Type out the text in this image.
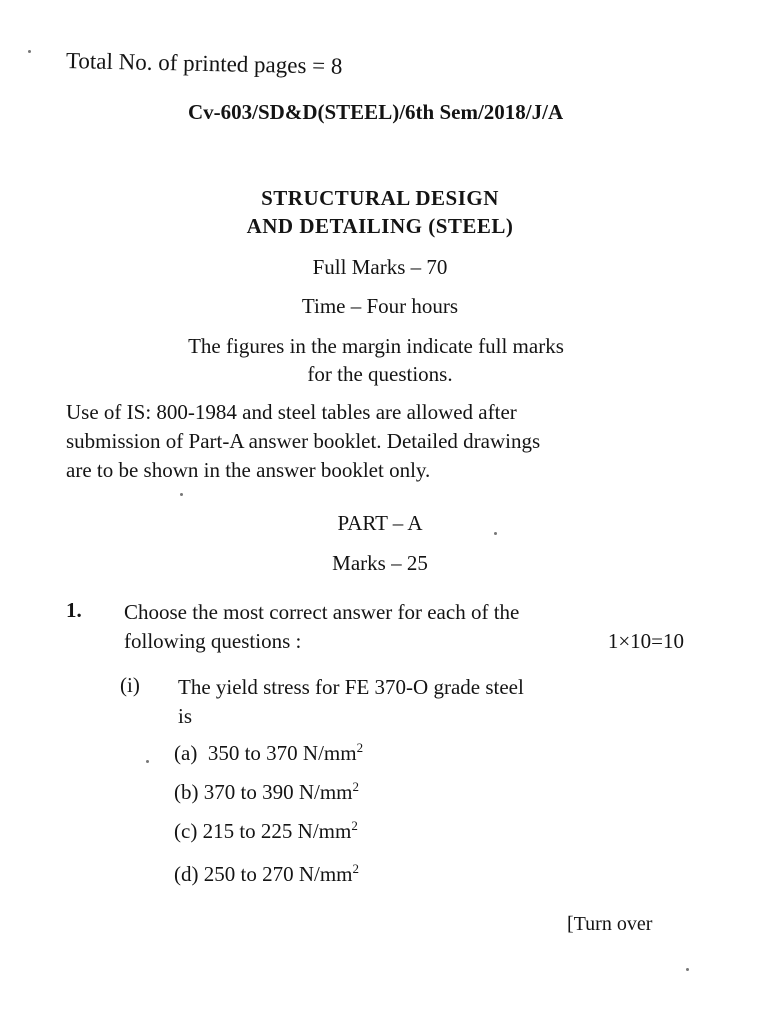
Total No. of printed pages = 8
Cv-603/SD&D(STEEL)/6th Sem/2018/J/A
STRUCTURAL DESIGN
AND DETAILING (STEEL)
Full Marks – 70
Time – Four hours
The figures in the margin indicate full marks
for the questions.
Use of IS: 800-1984 and steel tables are allowed after
submission of Part-A answer booklet. Detailed drawings
are to be shown in the answer booklet only.
PART – A
Marks – 25
1. Choose the most correct answer for each of the
following questions :	1×10=10
(i) The yield stress for FE 370-O grade steel
is
(a) 350 to 370 $N/mm^2$
(b) 370 to 390 $N/mm^2$
(c) 215 to 225 $N/mm^2$
(d) 250 to 270 $N/mm^2$
[Turn over
